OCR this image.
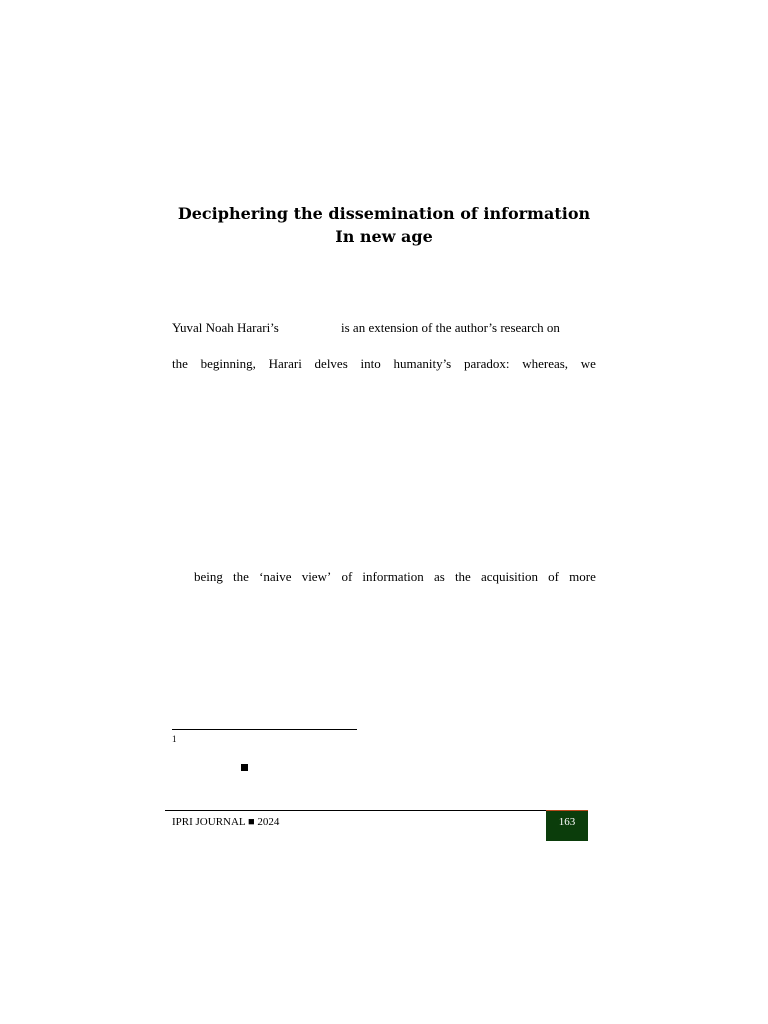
Deciphering the dissemination of information
In new age
Yuval Noah Harari’s	is an extension of the author’s research on
the beginning, Harari delves into humanity’s paradox: whereas, we
being the ‘naive view’ of information as the acquisition of more
1
IPRI JOURNAL ■ 2024	163
